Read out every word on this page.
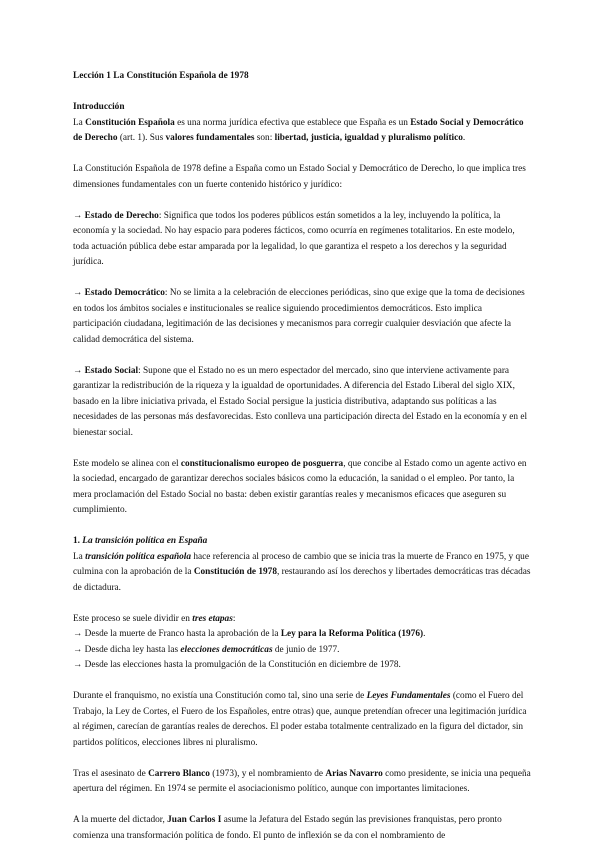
Lección 1 La Constitución Española de 1978

Introducción

La Constitución Española es una norma jurídica efectiva que establece que España es un Estado Social y Democrático de Derecho (art. 1). Sus valores fundamentales son: libertad, justicia, igualdad y pluralismo político.

La Constitución Española de 1978 define a España como un Estado Social y Democrático de Derecho, lo que implica tres dimensiones fundamentales con un fuerte contenido histórico y jurídico:

→ Estado de Derecho: Significa que todos los poderes públicos están sometidos a la ley, incluyendo la política, la economía y la sociedad. No hay espacio para poderes fácticos, como ocurría en regímenes totalitarios. En este modelo, toda actuación pública debe estar amparada por la legalidad, lo que garantiza el respeto a los derechos y la seguridad jurídica.

→ Estado Democrático: No se limita a la celebración de elecciones periódicas, sino que exige que la toma de decisiones en todos los ámbitos sociales e institucionales se realice siguiendo procedimientos democráticos. Esto implica participación ciudadana, legitimación de las decisiones y mecanismos para corregir cualquier desviación que afecte la calidad democrática del sistema.

→ Estado Social: Supone que el Estado no es un mero espectador del mercado, sino que interviene activamente para garantizar la redistribución de la riqueza y la igualdad de oportunidades. A diferencia del Estado Liberal del siglo XIX, basado en la libre iniciativa privada, el Estado Social persigue la justicia distributiva, adaptando sus políticas a las necesidades de las personas más desfavorecidas. Esto conlleva una participación directa del Estado en la economía y en el bienestar social.

Este modelo se alinea con el constitucionalismo europeo de posguerra, que concibe al Estado como un agente activo en la sociedad, encargado de garantizar derechos sociales básicos como la educación, la sanidad o el empleo. Por tanto, la mera proclamación del Estado Social no basta: deben existir garantías reales y mecanismos eficaces que aseguren su cumplimiento.

1. La transición política en España

La transición política española hace referencia al proceso de cambio que se inicia tras la muerte de Franco en 1975, y que culmina con la aprobación de la Constitución de 1978, restaurando así los derechos y libertades democráticas tras décadas de dictadura.

Este proceso se suele dividir en tres etapas:

→ Desde la muerte de Franco hasta la aprobación de la Ley para la Reforma Política (1976).

→ Desde dicha ley hasta las elecciones democráticas de junio de 1977.

→ Desde las elecciones hasta la promulgación de la Constitución en diciembre de 1978.

Durante el franquismo, no existía una Constitución como tal, sino una serie de Leyes Fundamentales (como el Fuero del Trabajo, la Ley de Cortes, el Fuero de los Españoles, entre otras) que, aunque pretendían ofrecer una legitimación jurídica al régimen, carecían de garantías reales de derechos. El poder estaba totalmente centralizado en la figura del dictador, sin partidos políticos, elecciones libres ni pluralismo.

Tras el asesinato de Carrero Blanco (1973), y el nombramiento de Arias Navarro como presidente, se inicia una pequeña apertura del régimen. En 1974 se permite el asociacionismo político, aunque con importantes limitaciones.

A la muerte del dictador, Juan Carlos I asume la Jefatura del Estado según las previsiones franquistas, pero pronto comienza una transformación política de fondo. El punto de inflexión se da con el nombramiento de
